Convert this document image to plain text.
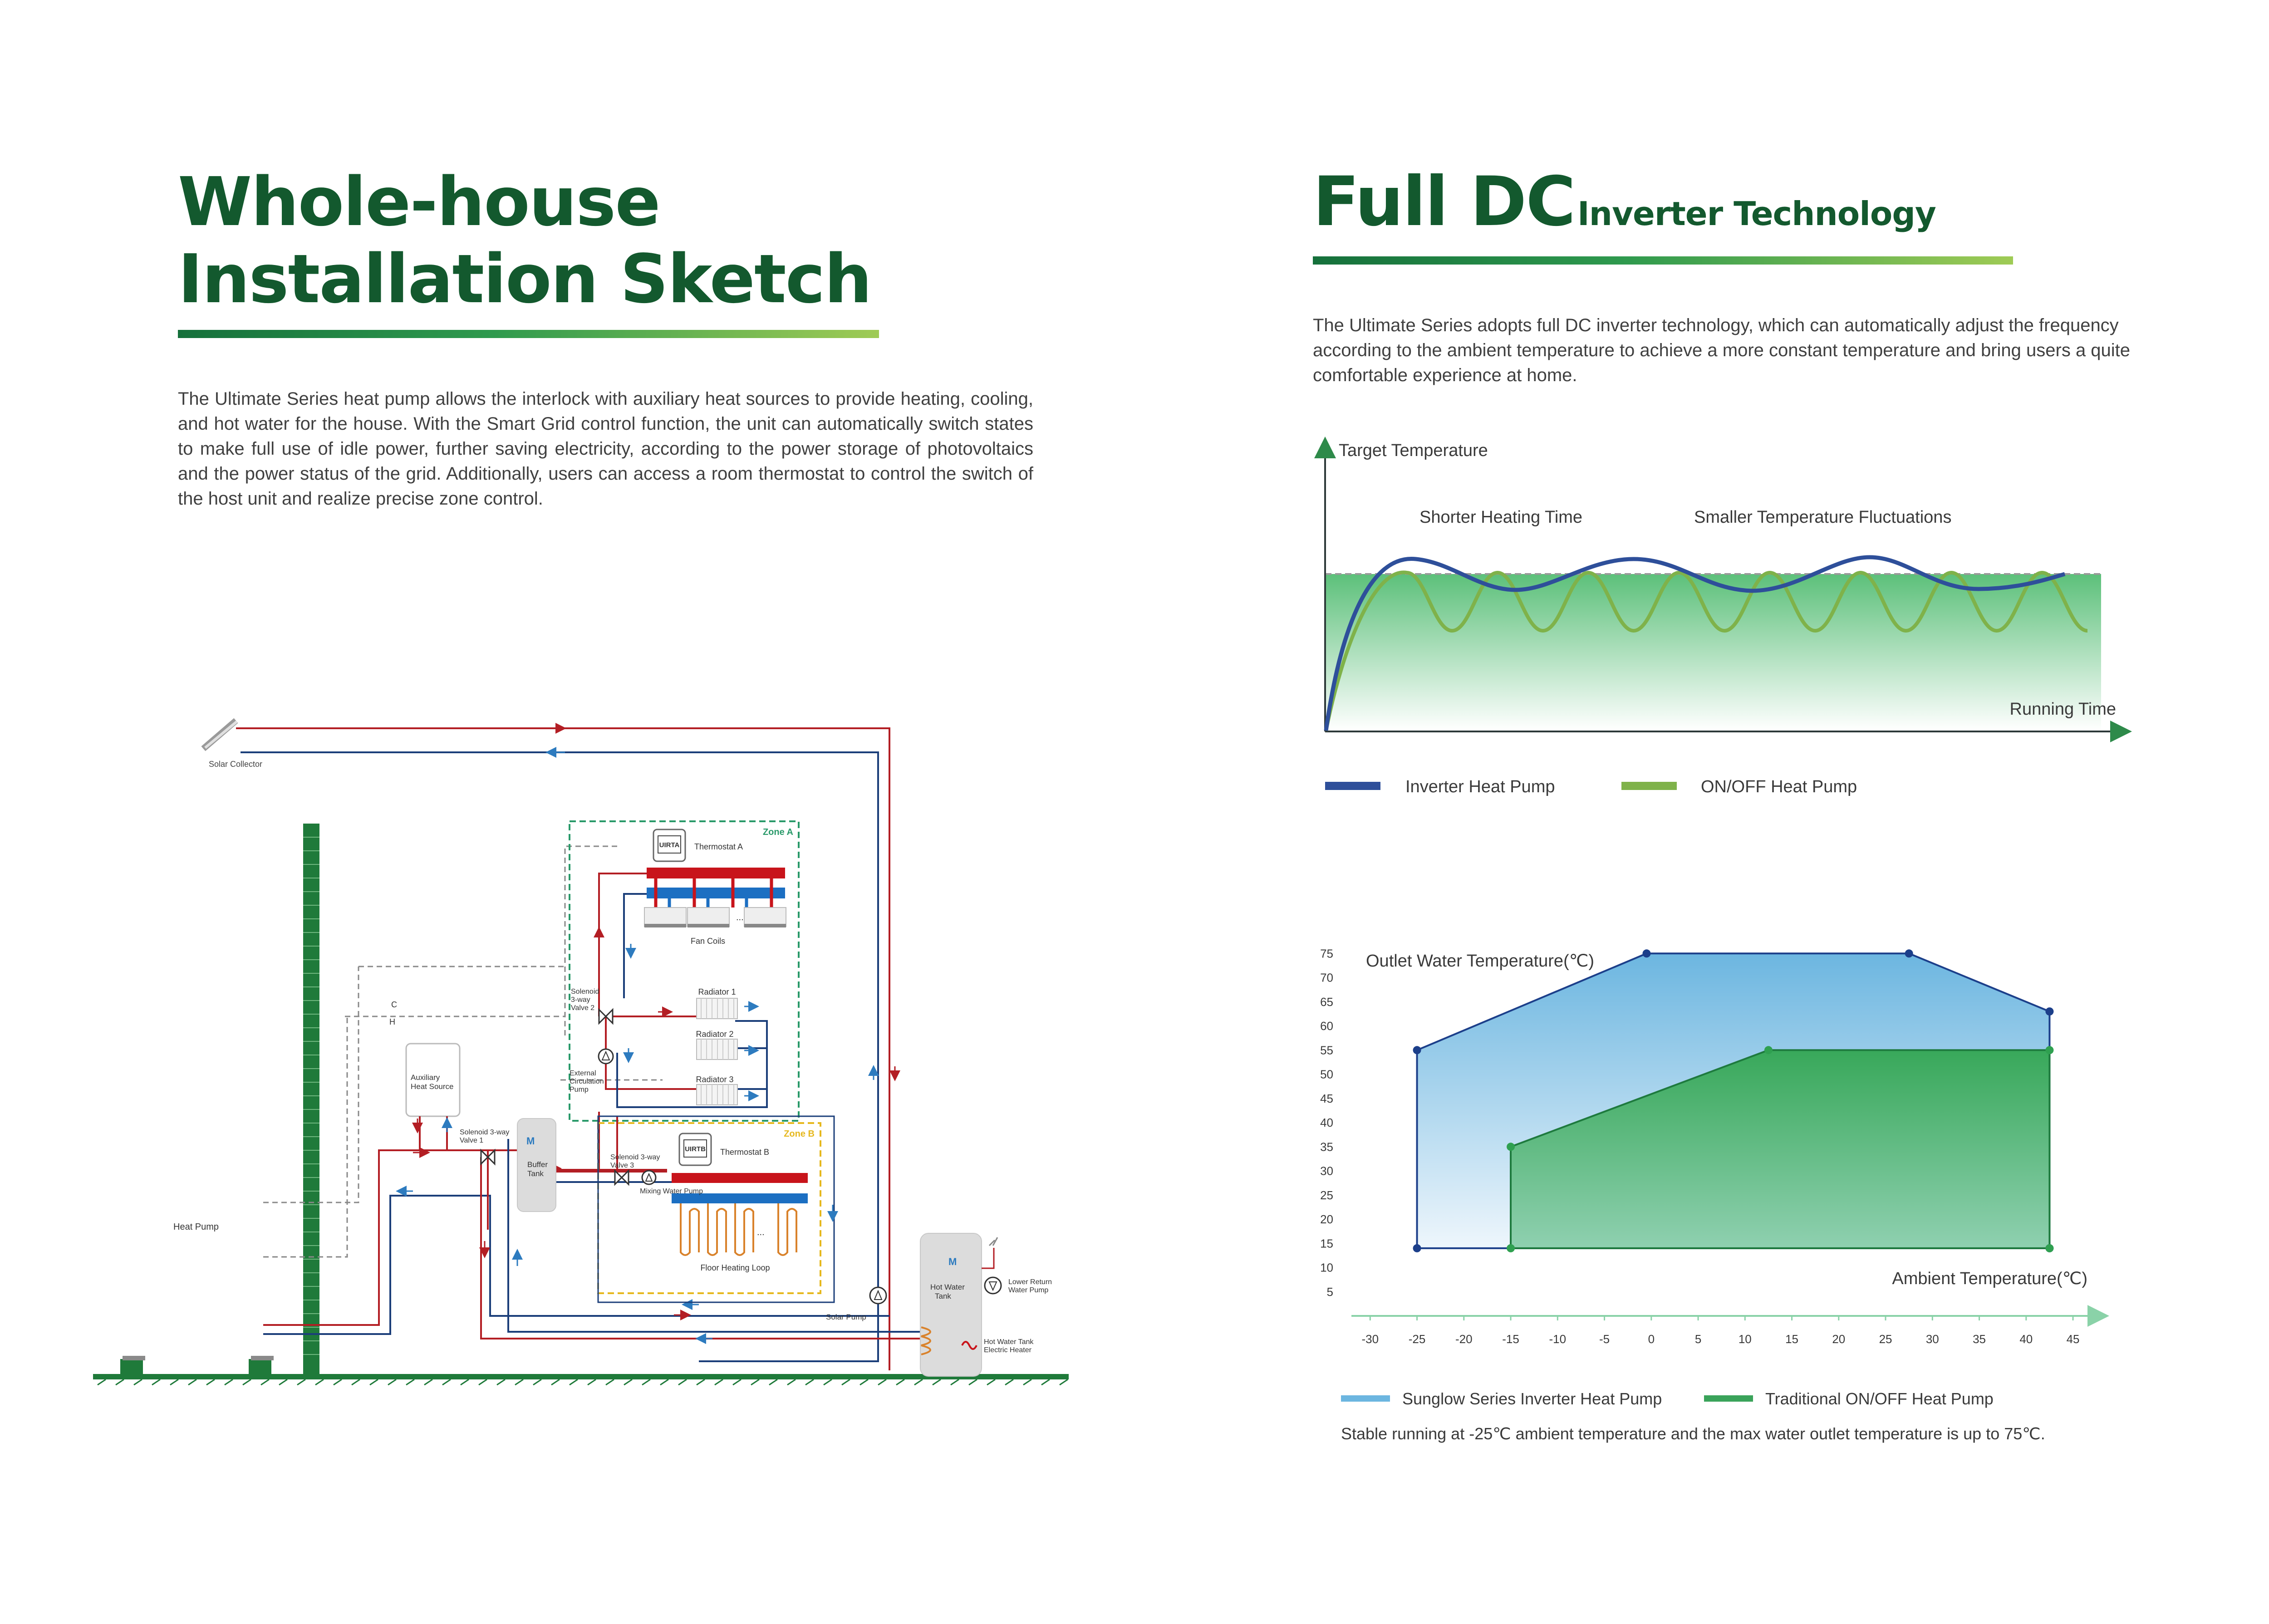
Whole-house
Installation Sketch

The Ultimate Series heat pump allows the interlock with auxiliary heat sources to provide heating, cooling, and hot water for the house. With the Smart Grid control function, the unit can automatically switch states to make full use of idle power, further saving electricity, according to the power storage of photovoltaics and the power status of the grid. Additionally, users can access a room thermostat to control the switch of the host unit and realize precise zone control.

Solar Collector
Zone A
UIRTA Thermostat A
...
Fan Coils
Radiator 1
Radiator 2
Radiator 3
Solenoid 3-way Valve 2
External Circulation Pump
C
H
Auxiliary Heat Source
Solenoid 3-way Valve 1	M
Buffer Tank
Zone B
UIRTB Thermostat B
...
Floor Heating Loop
Solenoid 3-way Valve 3
Mixing Water Pump
Heat Pump
Solar Pump
M
Hot Water Tank
Hot Water Tank Electric Heater
Lower Return Water Pump
Full DC Inverter Technology

The Ultimate Series adopts full DC inverter technology, which can automatically adjust the frequency according to the ambient temperature to achieve a more constant temperature and bring users a quite comfortable experience at home.

Target Temperature
Running Time
Shorter Heating Time	Smaller Temperature Fluctuations
Inverter Heat Pump	ON/OFF Heat Pump
5
10
15
20
25
30
35
40
45
50
55
60
65
70
75
-30	-25	-20	-15	-10	-5	0	5	10	15	20	25	30	35	40	45
Outlet Water Temperature(℃)
Ambient Temperature(℃)
Sunglow Series Inverter Heat Pump	Traditional ON/OFF Heat Pump
Stable running at -25℃ ambient temperature and the max water outlet temperature is up to 75℃.
